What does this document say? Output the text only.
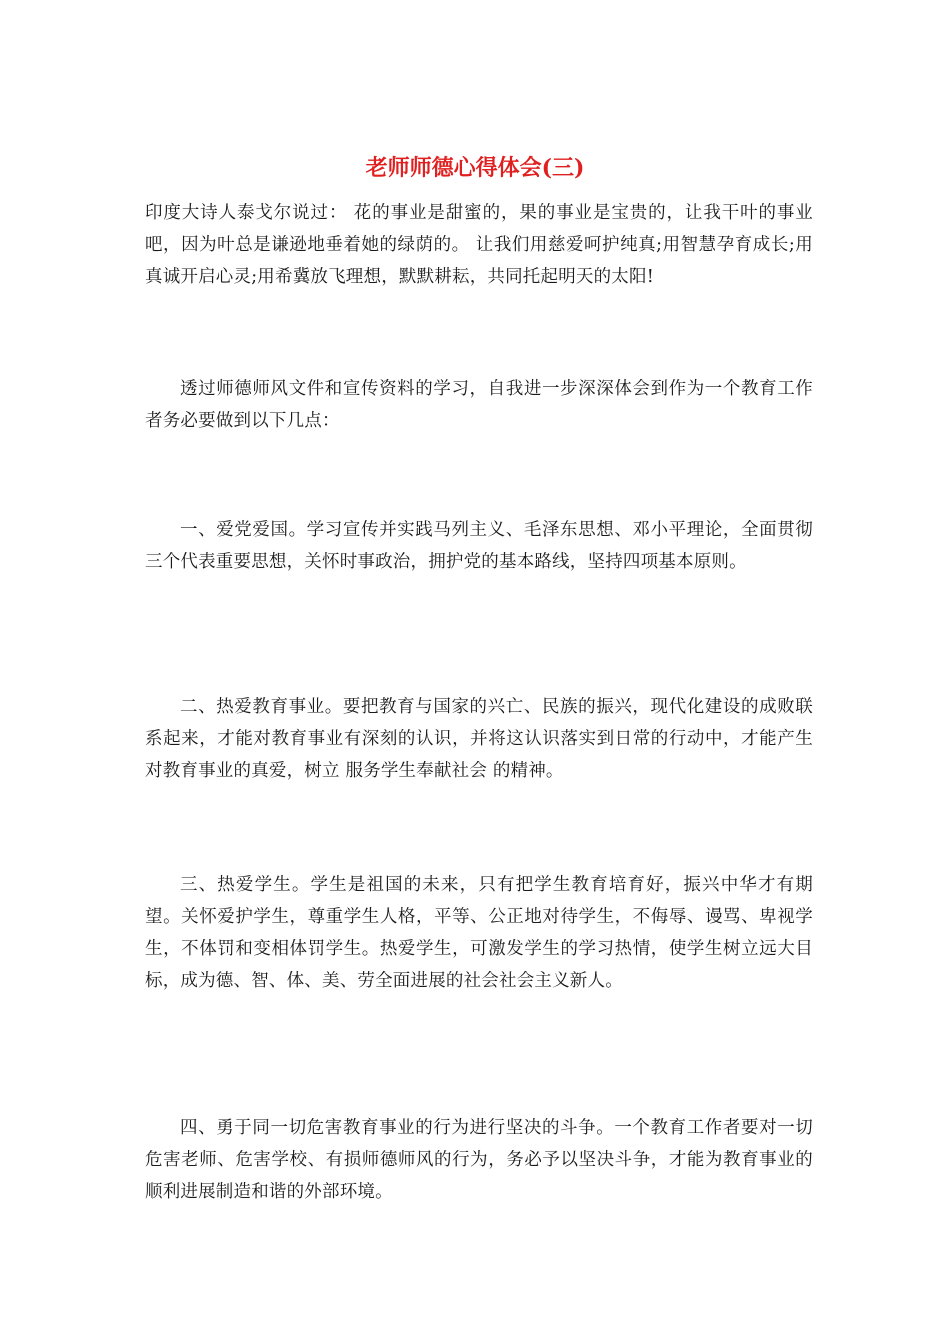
老师师德心得体会(三)

印度大诗人泰戈尔说过： 花的事业是甜蜜的，果的事业是宝贵的，让我干叶的事业吧，因为叶总是谦逊地垂着她的绿荫的。 让我们用慈爱呵护纯真;用智慧孕育成长;用真诚开启心灵;用希冀放飞理想，默默耕耘，共同托起明天的太阳!

透过师德师风文件和宣传资料的学习，自我进一步深深体会到作为一个教育工作者务必要做到以下几点：

一、爱党爱国。学习宣传并实践马列主义、毛泽东思想、邓小平理论，全面贯彻 三个代表重要思想，关怀时事政治，拥护党的基本路线，坚持四项基本原则。

二、热爱教育事业。要把教育与国家的兴亡、民族的振兴，现代化建设的成败联系起来，才能对教育事业有深刻的认识，并将这认识落实到日常的行动中，才能产生对教育事业的真爱，树立 服务学生奉献社会 的精神。

三、热爱学生。学生是祖国的未来，只有把学生教育培育好，振兴中华才有期望。关怀爱护学生，尊重学生人格，平等、公正地对待学生，不侮辱、谩骂、卑视学生，不体罚和变相体罚学生。热爱学生，可激发学生的学习热情，使学生树立远大目标，成为德、智、体、美、劳全面进展的社会社会主义新人。

四、勇于同一切危害教育事业的行为进行坚决的斗争。一个教育工作者要对一切危害老师、危害学校、有损师德师风的行为，务必予以坚决斗争，才能为教育事业的顺利进展制造和谐的外部环境。
